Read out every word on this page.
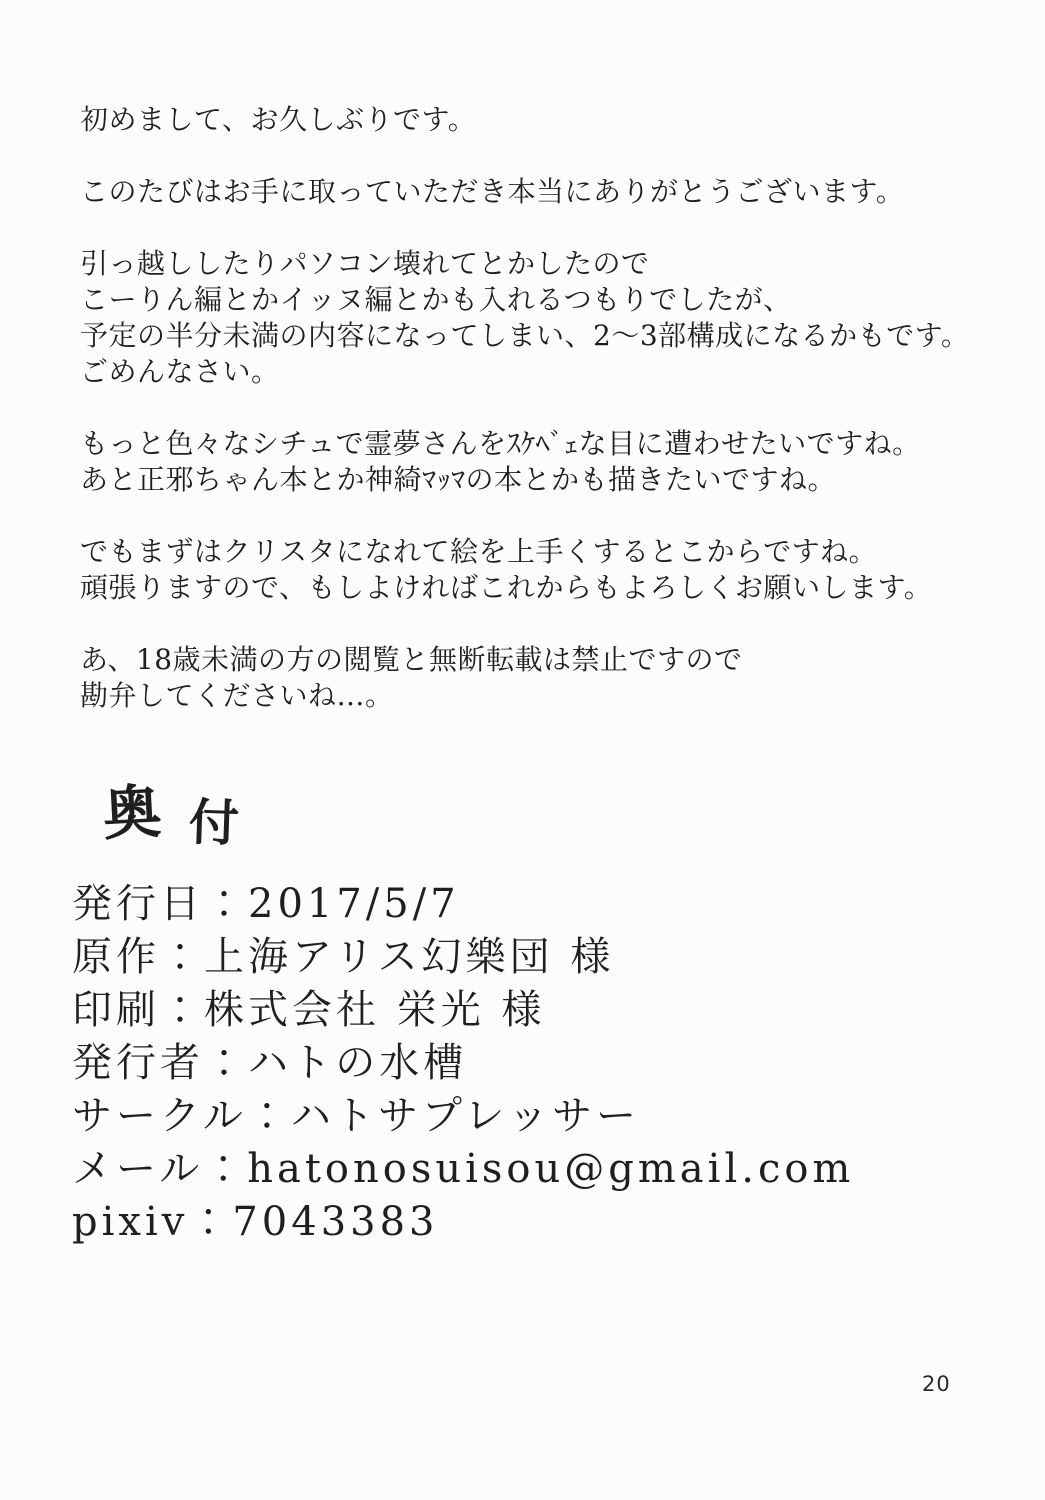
初めまして、お久しぶりです。

このたびはお手に取っていただき本当にありがとうございます。

引っ越ししたりパソコン壊れてとかしたので
こーりん編とかイッヌ編とかも入れるつもりでしたが、
予定の半分未満の内容になってしまい、2〜3部構成になるかもです。
ごめんなさい。

もっと色々なシチュで霊夢さんをｽｹﾍﾞｪな目に遭わせたいですね。
あと正邪ちゃん本とか神綺ﾏｯﾏの本とかも描きたいですね。

でもまずはクリスタになれて絵を上手くするとこからですね。
頑張りますので、もしよければこれからもよろしくお願いします。

あ、18歳未満の方の閲覧と無断転載は禁止ですので
勘弁してくださいね…。

奥 付
発行日：2017/5/7
原作：上海アリス幻樂団 様
印刷：株式会社 栄光 様
発行者：ハトの水槽
サークル：ハトサプレッサー
メール：hatonosuisou@gmail.com
pixiv：7043383
20
